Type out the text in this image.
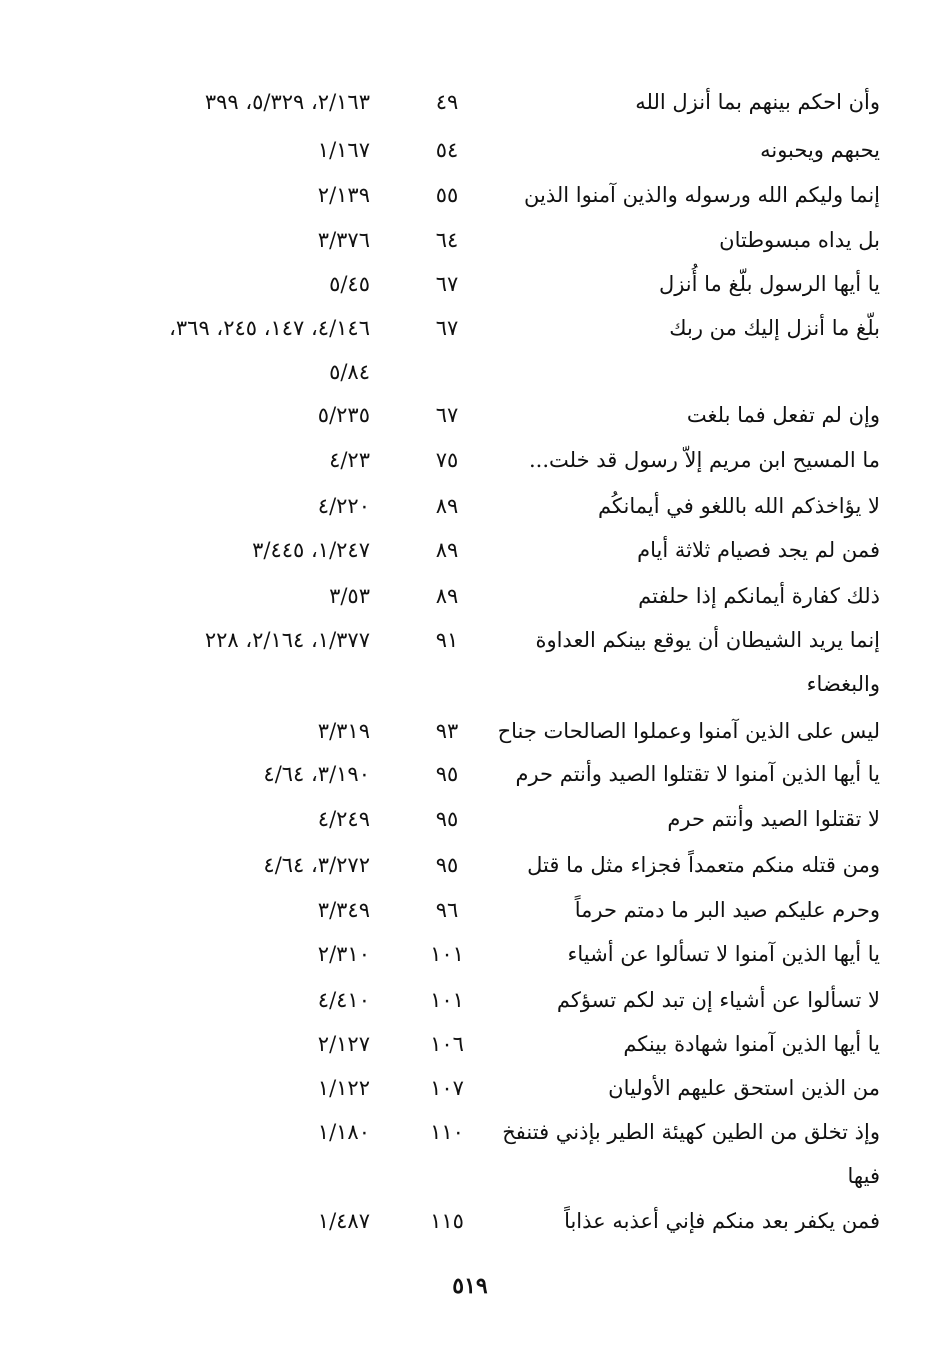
وأن احكم بينهم بما أنزل الله
٤٩
٢/١٦٣، ٥/٣٢٩، ٣٩٩
يحبهم ويحبونه
٥٤
١/١٦٧
إنما وليكم الله ورسوله والذين آمنوا الذين
٥٥
٢/١٣٩
بل يداه مبسوطتان
٦٤
٣/٣٧٦
يا أيها الرسول بلّغ ما أُنزل
٦٧
٥/٤٥
بلّغ ما أنزل إليك من ربك
٦٧
٤/١٤٦، ١٤٧، ٢٤٥، ٣٦٩،
٥/٨٤
وإن لم تفعل فما بلغت
٦٧
٥/٢٣٥
ما المسيح ابن مريم إلاّ رسول قد خلت...
٧٥
٤/٢٣
لا يؤاخذكم الله باللغو في أيمانكُم
٨٩
٤/٢٢٠
فمن لم يجد فصيام ثلاثة أيام
٨٩
١/٢٤٧، ٣/٤٤٥
ذلك كفارة أيمانكم إذا حلفتم
٨٩
٣/٥٣
إنما يريد الشيطان أن يوقع بينكم العداوة
٩١
١/٣٧٧، ٢/١٦٤، ٢٢٨
والبغضاء
ليس على الذين آمنوا وعملوا الصالحات جناح
٩٣
٣/٣١٩
يا أيها الذين آمنوا لا تقتلوا الصيد وأنتم حرم
٩٥
٣/١٩٠، ٤/٦٤
لا تقتلوا الصيد وأنتم حرم
٩٥
٤/٢٤٩
ومن قتله منكم متعمداً فجزاء مثل ما قتل
٩٥
٣/٢٧٢، ٤/٦٤
وحرم عليكم صيد البر ما دمتم حرماً
٩٦
٣/٣٤٩
يا أيها الذين آمنوا لا تسألوا عن أشياء
١٠١
٢/٣١٠
لا تسألوا عن أشياء إن تبد لكم تسؤكم
١٠١
٤/٤١٠
يا أيها الذين آمنوا شهادة بينكم
١٠٦
٢/١٢٧
من الذين استحق عليهم الأوليان
١٠٧
١/١٢٢
وإذ تخلق من الطين كهيئة الطير بإذني فتنفخ
١١٠
١/١٨٠
فيها
فمن يكفر بعد منكم فإني أعذبه عذاباً
١١٥
١/٤٨٧
٥١٩
